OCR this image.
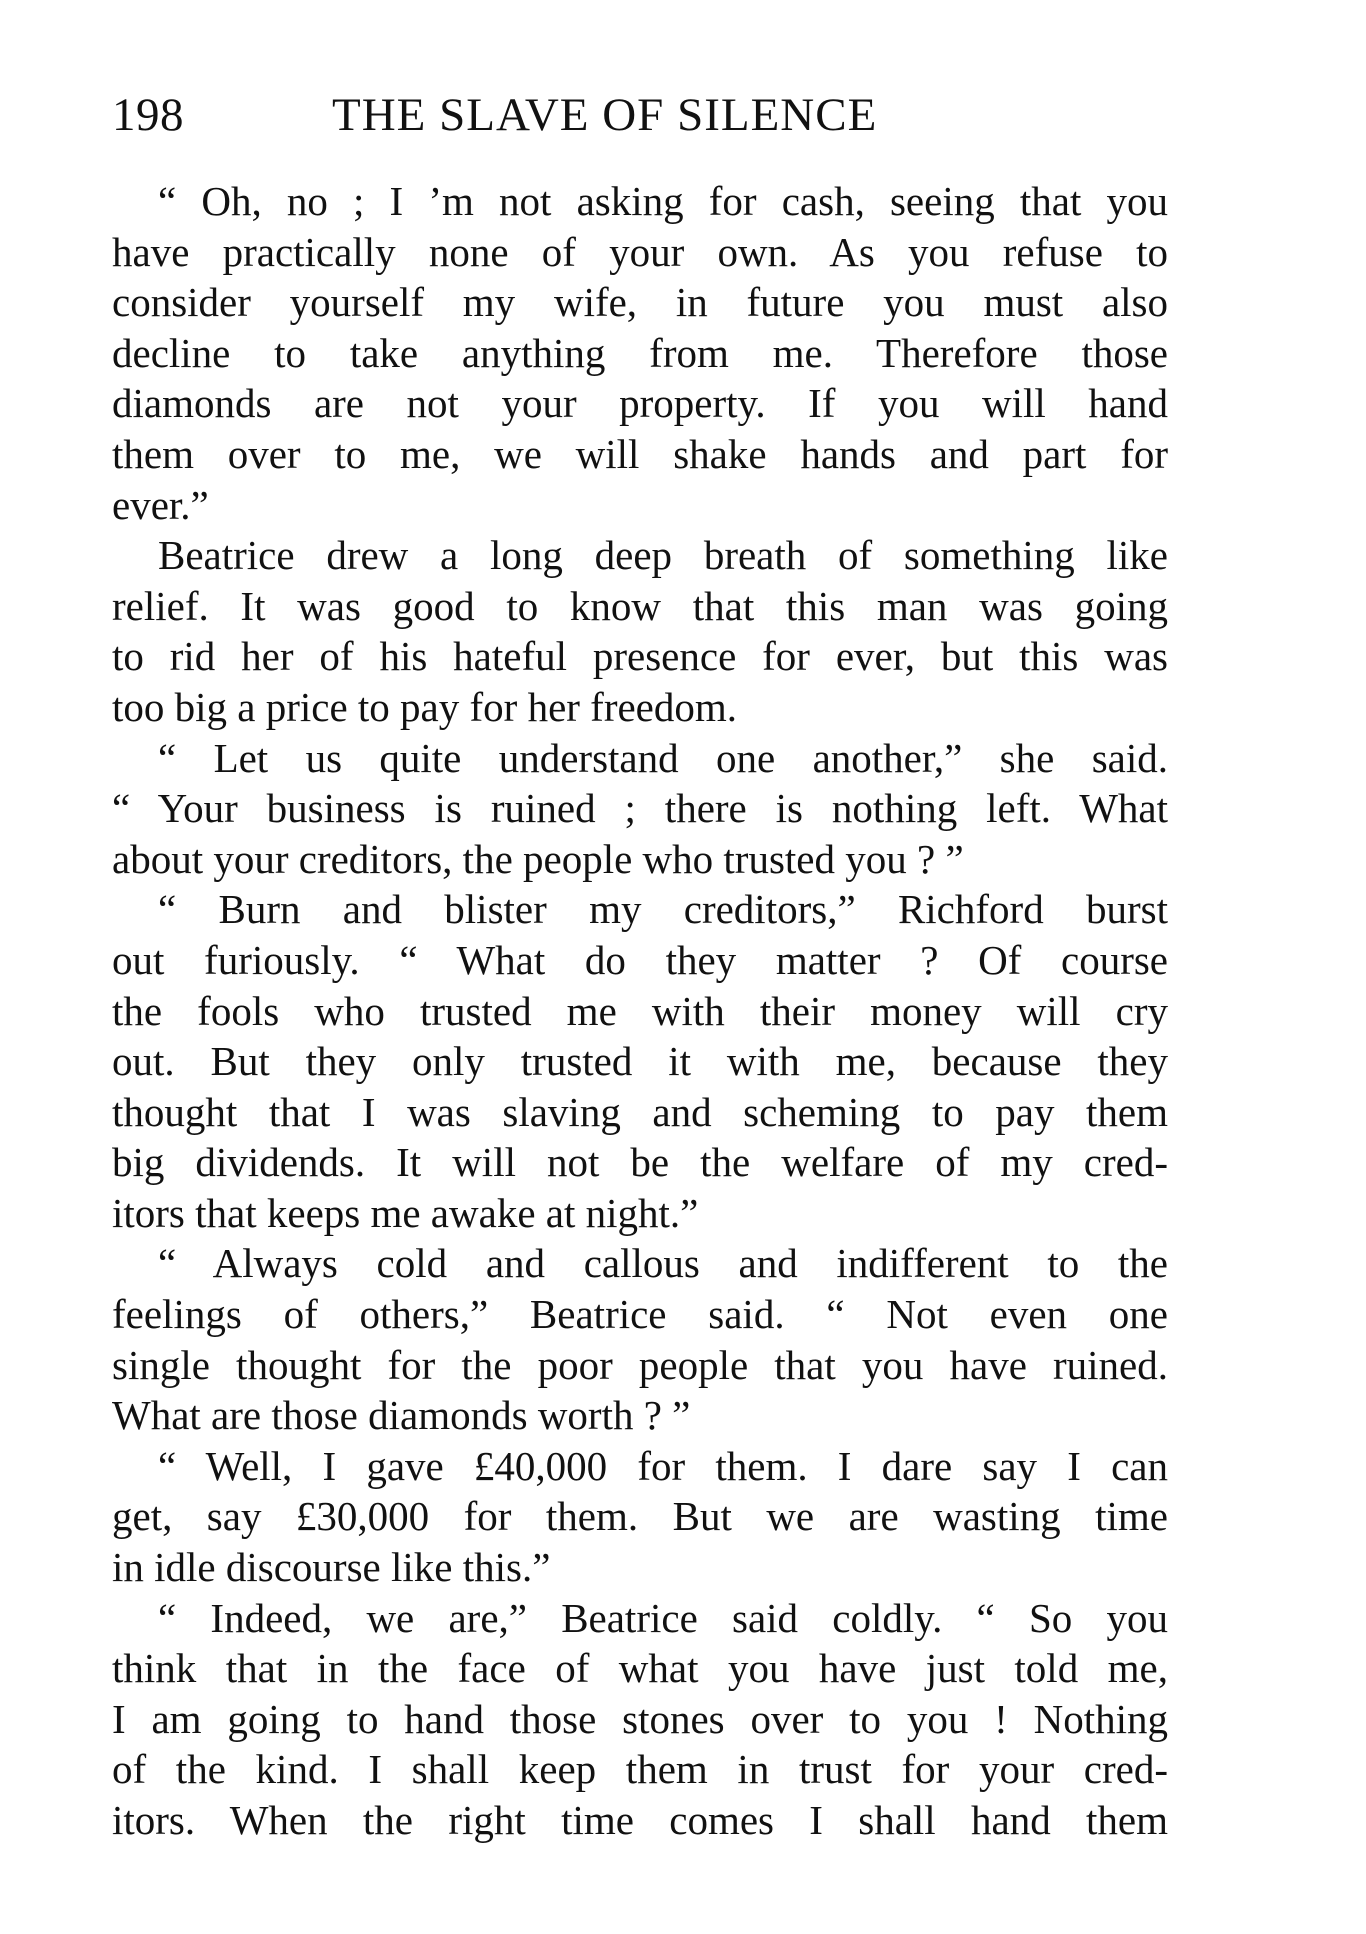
198	THE SLAVE OF SILENCE
“ Oh, no ; I ’m not asking for cash, seeing that you
have practically none of your own. As you refuse to
consider yourself my wife, in future you must also
decline to take anything from me. Therefore those
diamonds are not your property. If you will hand
them over to me, we will shake hands and part for
ever.”
Beatrice drew a long deep breath of something like
relief. It was good to know that this man was going
to rid her of his hateful presence for ever, but this was
too big a price to pay for her freedom.
“ Let us quite understand one another,” she said.
“ Your business is ruined ; there is nothing left. What
about your creditors, the people who trusted you ? ”
“ Burn and blister my creditors,” Richford burst
out furiously. “ What do they matter ? Of course
the fools who trusted me with their money will cry
out. But they only trusted it with me, because they
thought that I was slaving and scheming to pay them
big dividends. It will not be the welfare of my cred-
itors that keeps me awake at night.”
“ Always cold and callous and indifferent to the
feelings of others,” Beatrice said. “ Not even one
single thought for the poor people that you have ruined.
What are those diamonds worth ? ”
“ Well, I gave £40,000 for them. I dare say I can
get, say £30,000 for them. But we are wasting time
in idle discourse like this.”
“ Indeed, we are,” Beatrice said coldly. “ So you
think that in the face of what you have just told me,
I am going to hand those stones over to you ! Nothing
of the kind. I shall keep them in trust for your cred-
itors. When the right time comes I shall hand them
